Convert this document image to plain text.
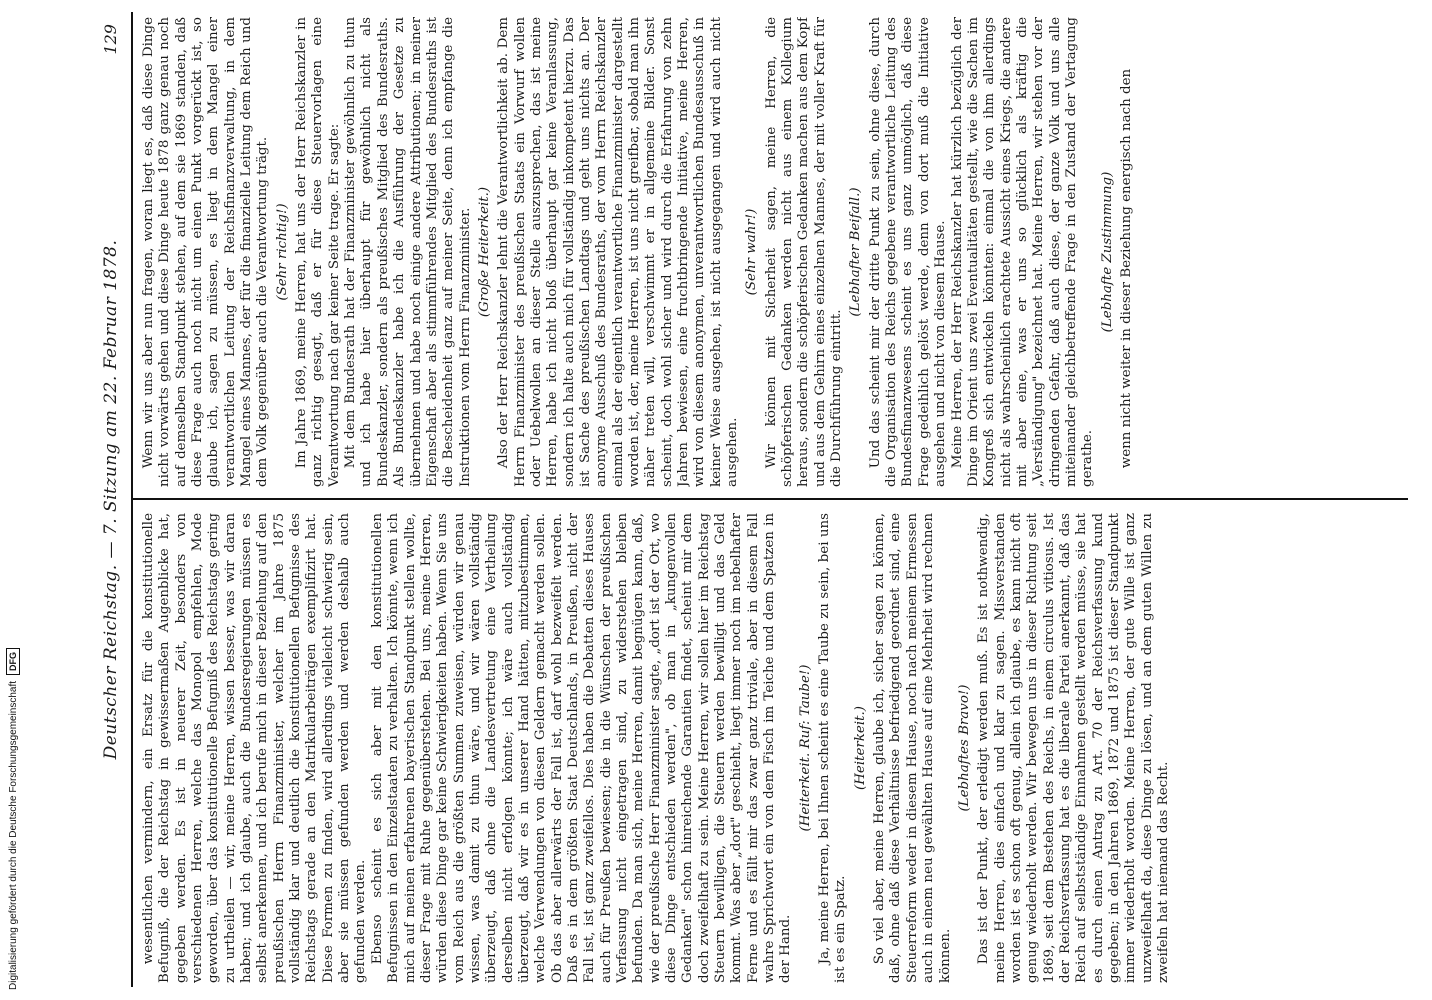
Digitalisierung gefördert durch die Deutsche Forschungsgemeinschaft
DFG	Deutscher Reichstag. — 7. Sitzung am 22. Februar 1878.
129

wesentlichen vermindern, ein Ersatz für die konstitutionelle Befugniß, die der Reichstag in gewissermaßen Augenblicke hat, gegeben werden. Es ist in neuerer Zeit, besonders von verschiedenen Herren, welche das Monopol empfehlen, Mode geworden, über das konstitutionelle Befugniß des Reichstags gering zu urtheilen — wir, meine Herren, wissen besser, was wir daran haben; und ich glaube, auch die Bundesregierungen müssen es selbst anerkennen, und ich berufe mich in dieser Beziehung auf den preußischen Herrn Finanzminister, welcher im Jahre 1875 vollständig klar und deutlich die konstitutionellen Befugnisse des Reichstags gerade an den Matrikularbeiträgen exemplifizirt hat. Diese Formen zu finden, wird allerdings vielleicht schwierig sein, aber sie müssen gefunden werden und werden deshalb auch gefunden werden. Ebenso scheint es sich aber mit den konstitutionellen Befugnissen in den Einzelstaaten zu verhalten. Ich könnte, wenn ich mich auf meinen erfahrenen bayerischen Standpunkt stellen wollte, dieser Frage mit Ruhe gegenüberstehen. Bei uns, meine Herren, würden diese Dinge gar keine Schwierigkeiten haben. Wenn Sie uns vom Reich aus die größten Summen zuweisen, würden wir genau wissen, was damit zu thun wäre, und wir wären vollständig überzeugt, daß ohne die Landesvertretung eine Vertheilung derselben nicht erfolgen könnte; ich wäre auch vollständig überzeugt, daß wir es in unserer Hand hätten, mitzubestimmen, welche Verwendungen von diesen Geldern gemacht werden sollen. Ob das aber allerwärts der Fall ist, darf wohl bezweifelt werden. Daß es in dem größten Staat Deutschlands, in Preußen, nicht der Fall ist, ist ganz zweifellos. Dies haben die Debatten dieses Hauses auch für Preußen bewiesen; die in die Wünschen der preußischen Verfassung nicht eingetragen sind, zu widerstehen bleiben befunden. Da man sich, meine Herren, damit begnügen kann, daß, wie der preußische Herr Finanzminister sagte, „dort ist der Ort, wo diese Dinge entschieden werden", ob man in „kungenvollen Gedanken" schon hinreichende Garantien findet, scheint mir dem doch zweifelhaft zu sein. Meine Herren, wir sollen hier im Reichstag Steuern bewilligen, die Steuern werden bewilligt und das Geld kommt. Was aber „dort" geschieht, liegt immer noch im nebelhafter Ferne und es fällt mir das zwar ganz triviale, aber in diesem Fall wahre Sprichwort ein von dem Fisch im Teiche und dem Spatzen in der Hand.

(Heiterkeit. Ruf: Taube!) Ja, meine Herren, bei Ihnen scheint es eine Taube zu sein, bei uns ist es ein Spatz.

(Heiterkeit.) So viel aber, meine Herren, glaube ich, sicher sagen zu können, daß, ohne daß diese Verhältnisse befriedigend geordnet sind, eine Steuerreform weder in diesem Hause, noch nach meinem Ermessen auch in einem neu gewählten Hause auf eine Mehrheit wird rechnen können.

(Lebhaftes Bravo!) Das ist der Punkt, der erledigt werden muß. Es ist nothwendig, meine Herren, dies einfach und klar zu sagen. Missverstanden worden ist es schon oft genug, allein ich glaube, es kann nicht oft genug wiederholt werden. Wir bewegen uns in dieser Richtung seit 1869, seit dem Bestehen des Reichs, in einem circulus vitiosus. Ist der Reichsverfassung hat es die liberale Partei anerkannt, daß das Reich auf selbstständige Einnahmen gestellt werden müsse, sie hat es durch einen Antrag zu Art. 70 der Reichsverfassung kund gegeben; in den Jahren 1869, 1872 und 1875 ist dieser Standpunkt immer wiederholt worden. Meine Herren, der gute Wille ist ganz unzweifelhaft da, diese Dinge zu lösen, und an dem guten Willen zu zweifeln hat niemand das Recht.

Wenn wir uns aber nun fragen, woran liegt es, daß diese Dinge nicht vorwärts gehen und diese Dinge heute 1878 ganz genau noch auf demselben Standpunkt stehen, auf dem sie 1869 standen, daß diese Frage auch noch nicht um einen Punkt vorgerückt ist, so glaube ich, sagen zu müssen, es liegt in dem Mangel einer verantwortlichen Leitung der Reichsfinanzverwaltung, in dem Mangel eines Mannes, der für die finanzielle Leitung dem Reich und dem Volk gegenüber auch die Verantwortung trägt. (Sehr richtig!) Im Jahre 1869, meine Herren, hat uns der Herr Reichskanzler in ganz richtig gesagt, daß er für diese Steuervorlagen eine Verantwortung nach gar keiner Seite trage. Er sagte: Mit dem Bundesrath hat der Finanzminister gewöhnlich zu thun und ich habe hier überhaupt für gewöhnlich nicht als Bundeskanzler, sondern als preußisches Mitglied des Bundesraths. Als Bundeskanzler habe ich die Ausführung der Gesetze zu übernehmen und habe noch einige andere Attributionen; in meiner Eigenschaft aber als stimmführendes Mitglied des Bundesraths ist die Bescheidenheit ganz auf meiner Seite, denn ich empfange die Instruktionen vom Herrn Finanzminister. (Große Heiterkeit.) Also der Herr Reichskanzler lehnt die Verantwortlichkeit ab. Dem Herrn Finanzminister des preußischen Staats ein Vorwurf wollen oder Uebelwollen an dieser Stelle auszusprechen, das ist meine Herren, habe ich nicht bloß überhaupt gar keine Veranlassung, sondern ich halte auch mich für vollständig inkompetent hierzu. Das ist Sache des preußischen Landtags und geht uns nichts an. Der anonyme Ausschuß des Bundesraths, der vom Herrn Reichskanzler einmal als der eigentlich verantwortliche Finanzminister dargestellt worden ist, der, meine Herren, ist uns nicht greifbar, sobald man ihn näher treten will, verschwimmt er in allgemeine Bilder. Sonst scheint, doch wohl sicher und wird durch die Erfahrung von zehn Jahren bewiesen, eine fruchtbringende Initiative, meine Herren, wird von diesem anonymen, unverantwortlichen Bundesausschuß in keiner Weise ausgehen, ist nicht ausgegangen und wird auch nicht ausgehen.

(Sehr wahr!) Wir können mit Sicherheit sagen, meine Herren, die schöpferischen Gedanken werden nicht aus einem Kollegium heraus, sondern die schöpferischen Gedanken machen aus dem Kopf und aus dem Gehirn eines einzelnen Mannes, der mit voller Kraft für die Durchführung eintritt.

(Lebhafter Beifall.) Und das scheint mir der dritte Punkt zu sein, ohne diese, durch die Organisation des Reichs gegebene verantwortliche Leitung des Bundesfinanzwesens scheint es uns ganz unmöglich, daß diese Frage gedeihlich gelöst werde, denn von dort muß die Initiative ausgehen und nicht von diesem Hause. Meine Herren, der Herr Reichskanzler hat kürzlich bezüglich der Dinge im Orient uns zwei Eventualitäten gestellt, wie die Sachen im Kongreß sich entwickeln könnten: einmal die von ihm allerdings nicht als wahrscheinlich erachtete Aussicht eines Kriegs, die andere mit aber eine, was er uns so glücklich als kräftig die „Verständigung" bezeichnet hat. Meine Herren, wir stehen vor der dringenden Gefahr, daß auch diese, der ganze Volk und uns alle miteinander gleichbetreffende Frage in den Zustand der Vertagung gerathe.

(Lebhafte Zustimmung) wenn nicht weiter in dieser Beziehung energisch nach den
